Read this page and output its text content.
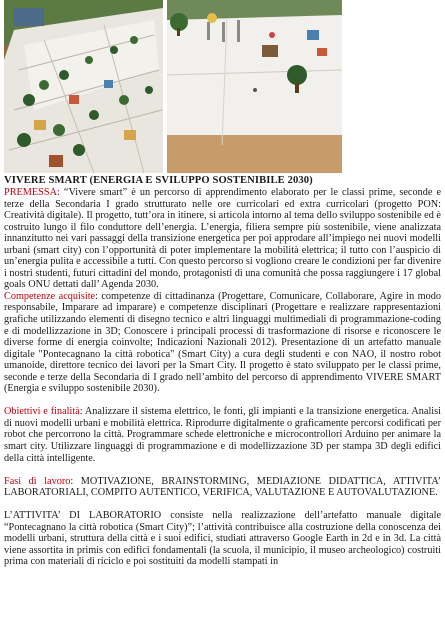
VIVERE SMART (ENERGIA E SVILUPPO SOSTENIBILE 2030)

PREMESSA: “Vivere smart” è un percorso di apprendimento elaborato per le classi prime, seconde e terze della Secondaria I grado strutturato nelle ore curricolari ed extra curricolari (progetto PON: Creatività digitale). Il progetto, tutt’ora in itinere, si articola intorno al tema dello sviluppo sostenibile ed è costruito lungo il filo conduttore dell’energia. L’energia, filiera sempre più sostenibile, viene analizzata innanzitutto nei vari passaggi della transizione energetica per poi approdare all’impiego nei nuovi modelli urbani (smart city) con l’opportunità di poter implementare la mobilità elettrica; il tutto con l’auspicio di un’energia pulita e accessibile a tutti. Con questo percorso si vogliono creare le condizioni per far divenire i nostri studenti, futuri cittadini del mondo, protagonisti di una comunità che possa raggiungere i 17 global goals ONU dettati dall’ Agenda 2030.

Competenze acquisite: competenze di cittadinanza (Progettare, Comunicare, Collaborare, Agire in modo responsabile, Imparare ad imparare) e competenze disciplinari (Progettare e realizzare rappresentazioni grafiche utilizzando elementi di disegno tecnico e altri linguaggi multimediali di programmazione-coding e di modellizzazione in 3D; Conoscere i principali processi di trasformazione di risorse e riconoscere le diverse forme di energia coinvolte; Indicazioni Nazionali 2012). Presentazione di un artefatto manuale digitale "Pontecagnano la città robotica" (Smart City) a cura degli studenti e con NAO, il nostro robot umanoide, direttore tecnico dei lavori per la Smart City. Il progetto è stato sviluppato per le classi prime, seconde e terze della Secondaria di I grado nell’ambito del percorso di apprendimento VIVERE SMART (Energia e sviluppo sostenibile 2030).

Obiettivi e finalità: Analizzare il sistema elettrico, le fonti, gli impianti e la transizione energetica. Analisi di nuovi modelli urbani e mobilità elettrica. Riprodurre digitalmente o graficamente percorsi codificati per robot che percorrono la città. Programmare schede elettroniche e microcontrollori Arduino per animare la smart city. Utilizzare linguaggi di programmazione e di modellizzazione 3D per stampa 3D degli edifici della città intelligente.

Fasi di lavoro: MOTIVAZIONE, BRAINSTORMING, MEDIAZIONE DIDATTICA, ATTIVITA’ LABORATORIALI, COMPITO AUTENTICO, VERIFICA, VALUTAZIONE E AUTOVALUTAZIONE.

L’ATTIVITA’ DI LABORATORIO consiste nella realizzazione dell’artefatto manuale digitale “Pontecagnano la città robotica (Smart City)”; l’attività contribuisce alla costruzione della conoscenza dei modelli urbani, struttura della città e i suoi edifici, studiati attraverso Google Earth in 2d e in 3d. La città viene assortita in primis con edifici fondamentali (la scuola, il municipio, il museo archeologico) costruiti prima con materiali di riciclo e poi sostituiti da modelli stampati in
